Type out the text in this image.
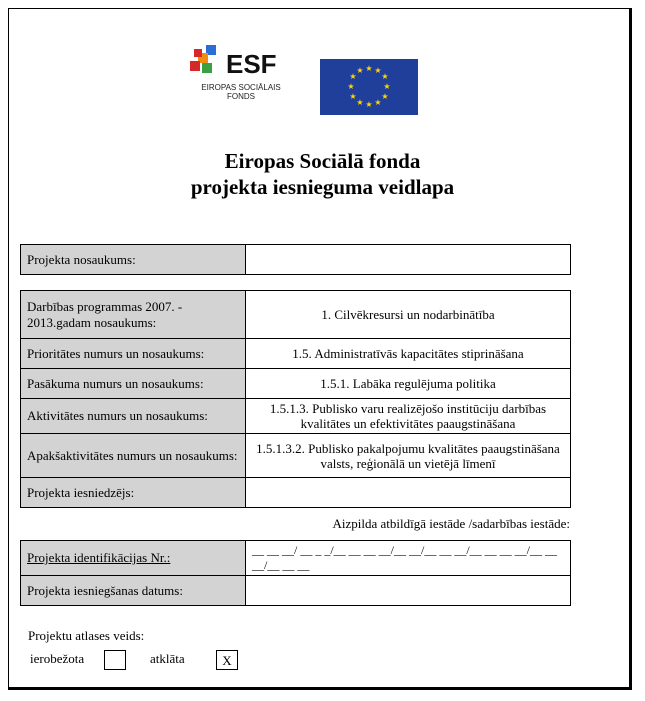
ESF
EIROPAS SOCIĀLAIS FONDS
★ ★
★
★
★
★
★
★
★
★
★
★
Eiropas Sociālā fonda
projekta iesnieguma veidlapa
Projekta nosaukums:	
Darbības programmas 2007. - 2013.gadam nosaukums:	1. Cilvēkresursi un nodarbinātība
Prioritātes numurs un nosaukums:	1.5. Administratīvās kapacitātes stiprināšana
Pasākuma numurs un nosaukums:	1.5.1. Labāka regulējuma politika
Aktivitātes numurs un nosaukums:	1.5.1.3. Publisko varu realizējošo institūciju darbības kvalitātes un efektivitātes paaugstināšana
Apakšaktivitātes numurs un nosaukums:	1.5.1.3.2. Publisko pakalpojumu kvalitātes paaugstināšana valsts, reģionālā un vietējā līmenī
Projekta iesniedzējs:	
Aizpilda atbildīgā iestāde /sadarbības iestāde:
Projekta identifikācijas Nr.:	__ __ __/ __ _ _/__ __ __ __/__ __/__ __ __/__ __ __ __/__ __ __/__ __ __
Projekta iesniegšanas datums:	
Projektu atlases veids:
ierobežota	atklāta	X
